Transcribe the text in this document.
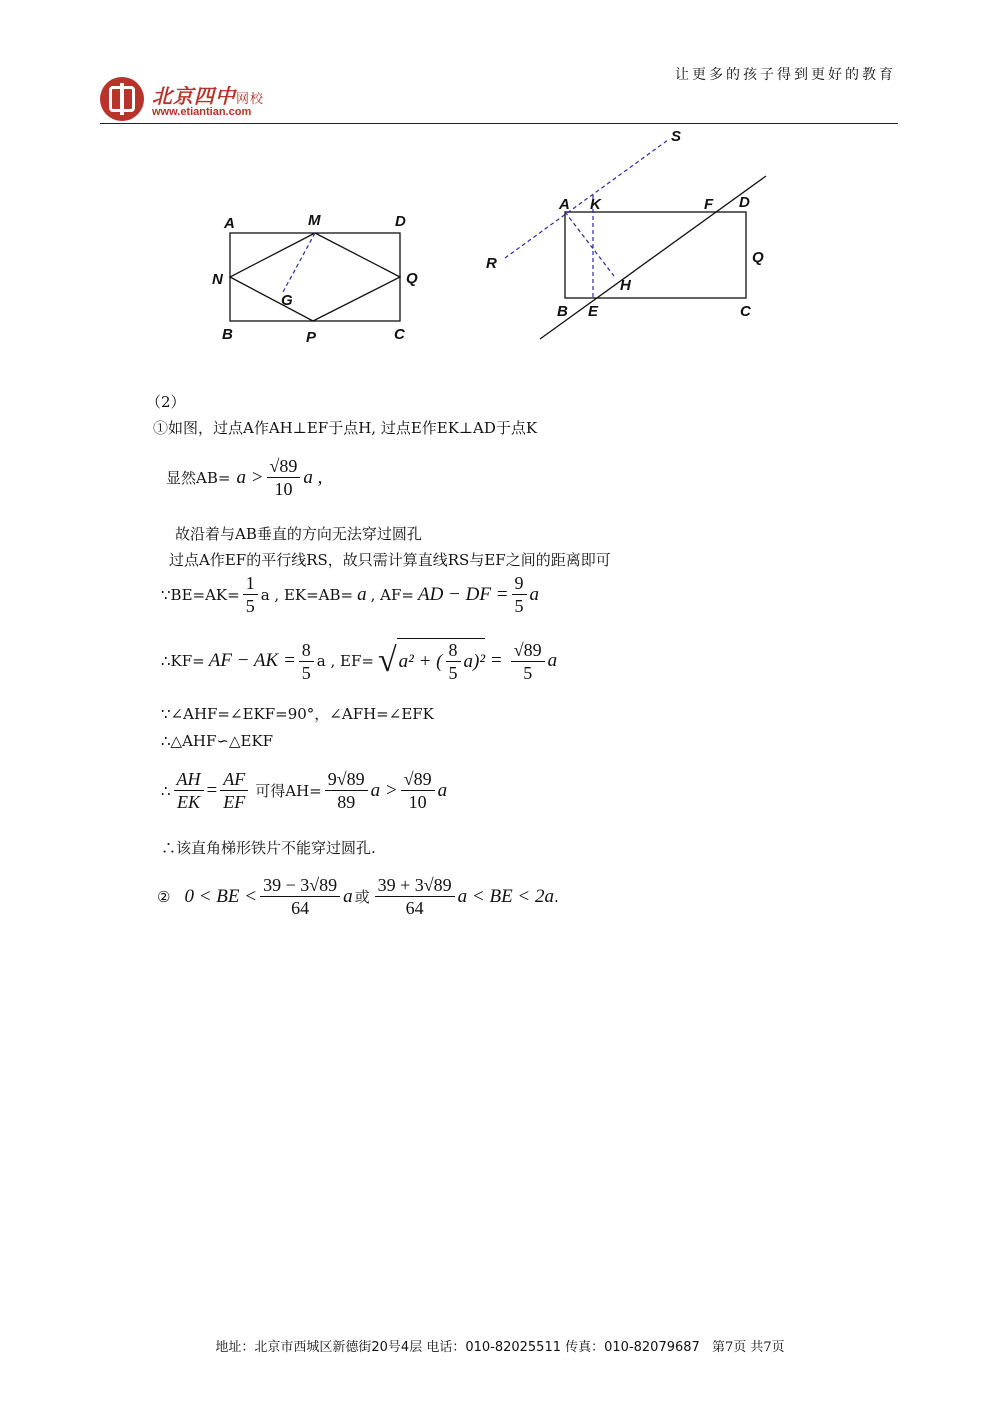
北京四中网校
www.etiantian.com
让更多的孩子得到更好的教育
A	M	D
N	Q
G
B	P	C
S
A K	F D
R	Q
H
B E	C
（2）
①如图，过点A作AH⊥EF于点H, 过点E作EK⊥AD于点K
显然$AB= a > \frac{√89}{10}$ a ,
故沿着与AB垂直的方向无法穿过圆孔
过点A作EF的平行线RS，故只需计算直线RS与EF之间的距离即可
∵BE=AK= $\frac{1}{5}$ a , EK=AB= a , AF= AD − DF = $\frac{9}{5}$ a
∴KF= AF − AK = $\frac{8}{5}$ a , EF= √ a² + ( $\frac{8}{5} a)^2 = \frac{√89}{5}$ a
∵∠AHF=∠EKF=90°，∠AFH=∠EFK
∴△AHF∽△EKF
∴ $\frac{AH}{EK} = \frac{AF}{EF}$ 可得$AH= \frac{9√89}{89}$ $a > \frac{√89}{10}$ a
∴该直角梯形铁片不能穿过圆孔.
② 0 < BE < $\frac{39 - 3√89}{64}$ a 或 $\frac{39 + 3√89}{64}$ a < BE < 2a .
地址：北京市西城区新德街20号4层 电话：010-82025511 传真：010-82079687 第7页 共7页
